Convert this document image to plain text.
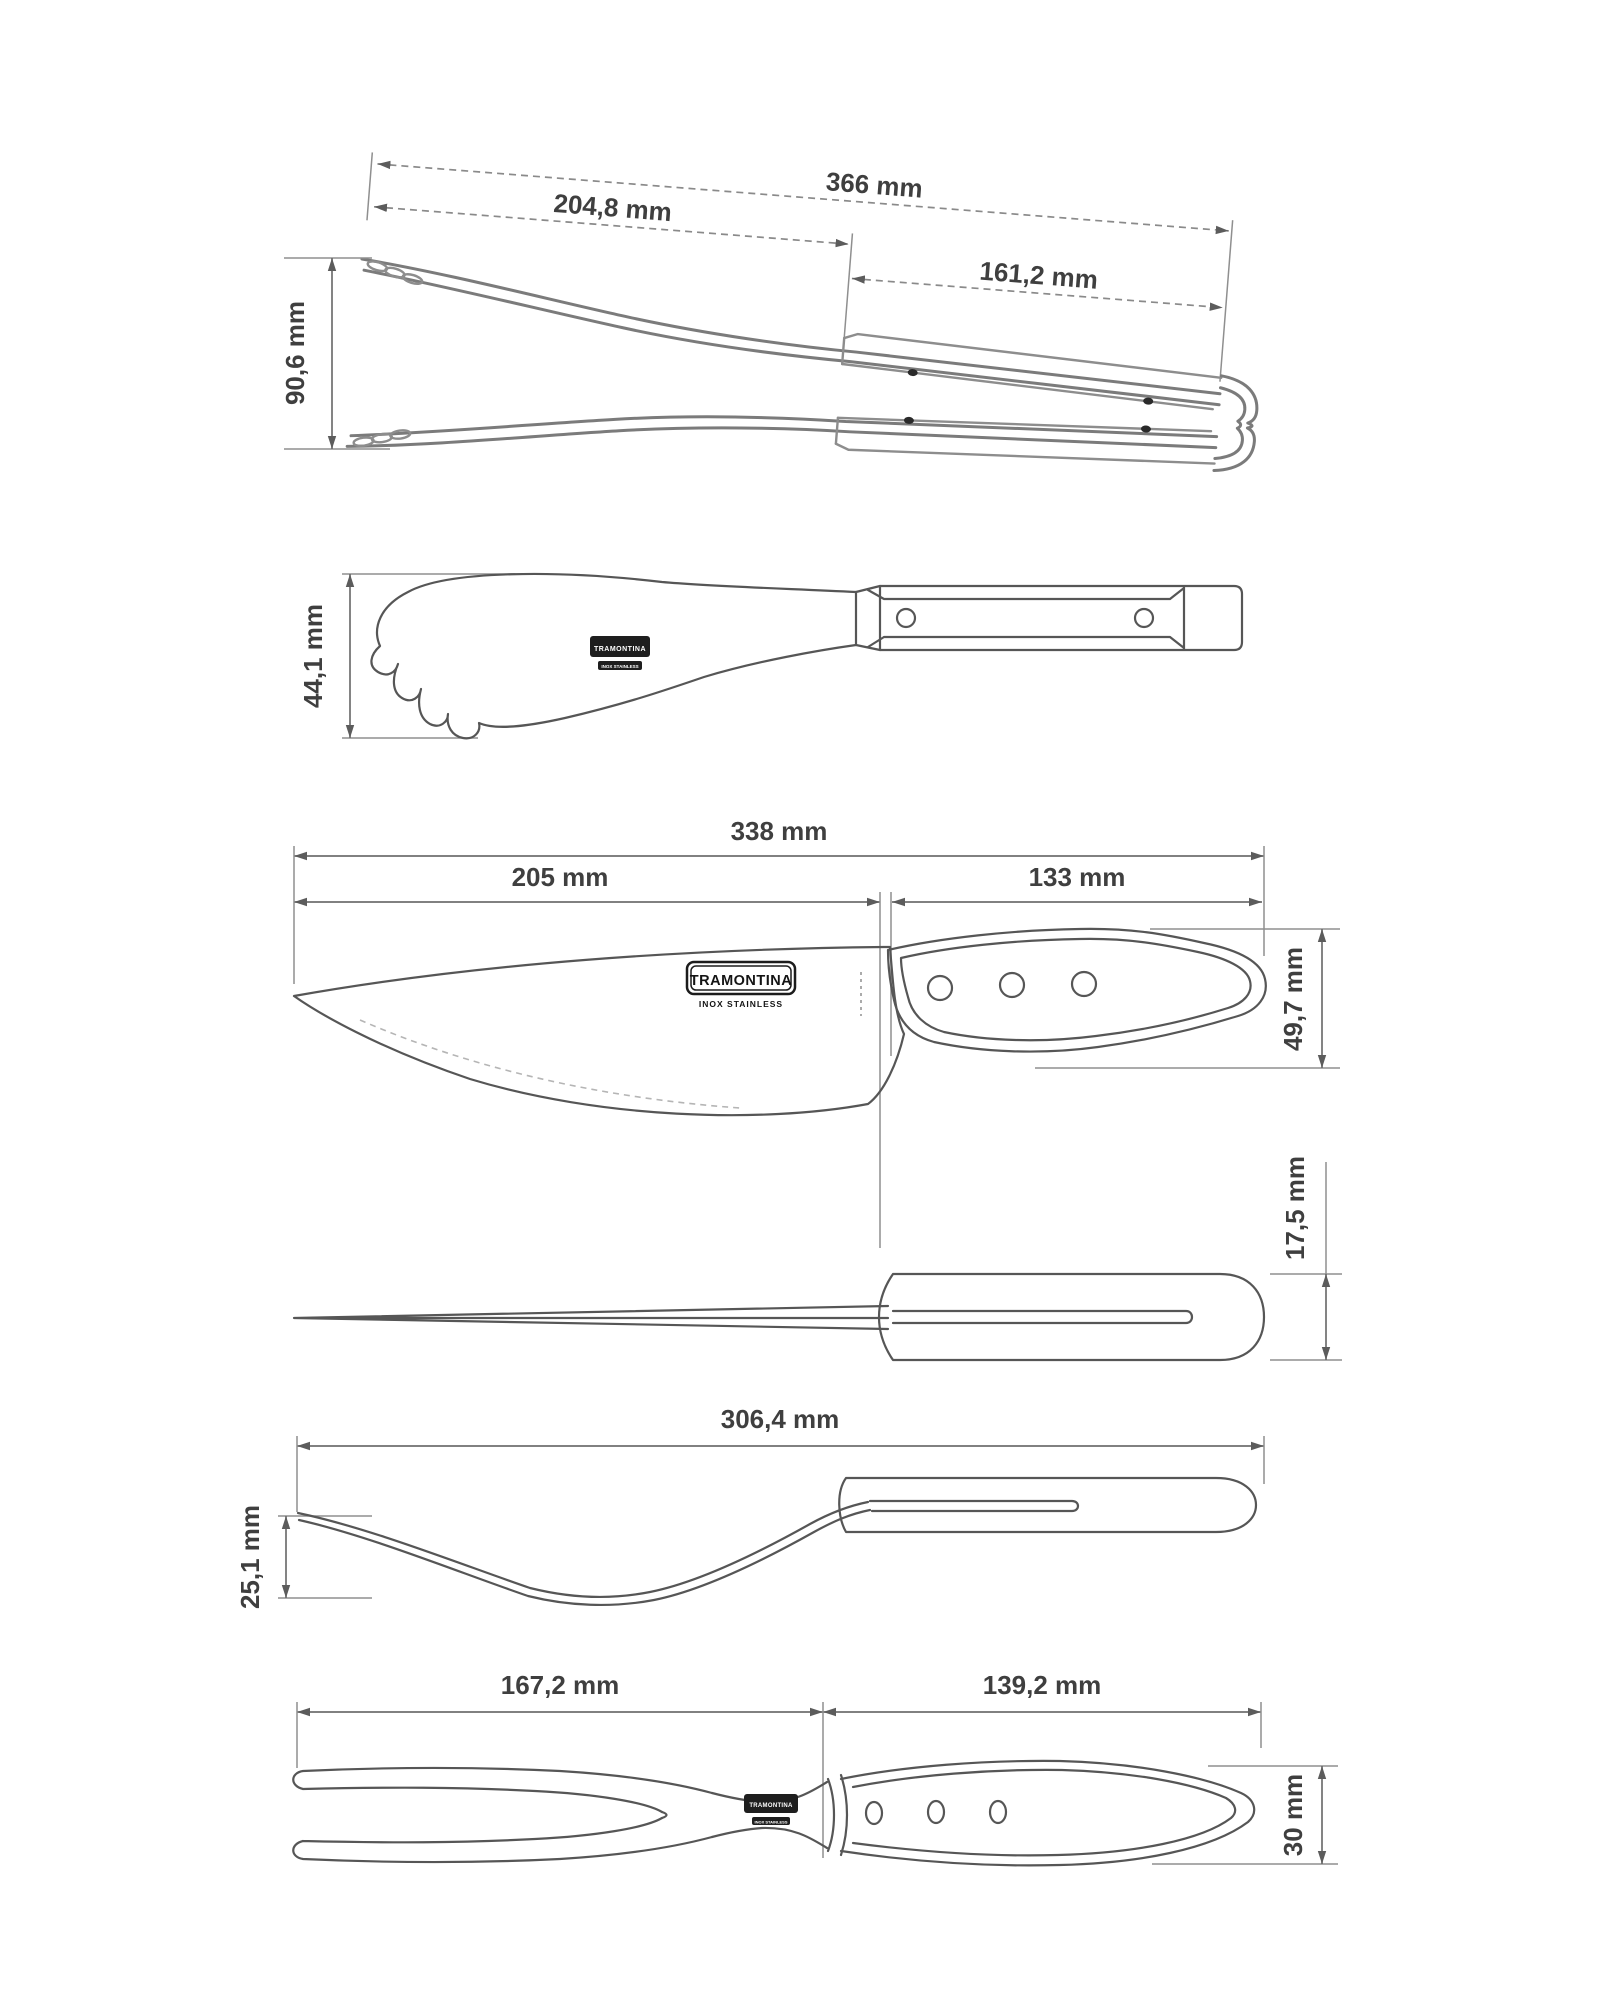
366 mm
204,8 mm
161,2 mm
90,6 mm
44,1 mm	TRAMONTINA
INOX STAINLESS
338 mm
205 mm	133 mm
TRAMONTINA
INOX STAINLESS	49,7 mm
17,5 mm
306,4 mm
25,1 mm
167,2 mm	139,2 mm
TRAMONTINA
INOX STAINLESS	30 mm
